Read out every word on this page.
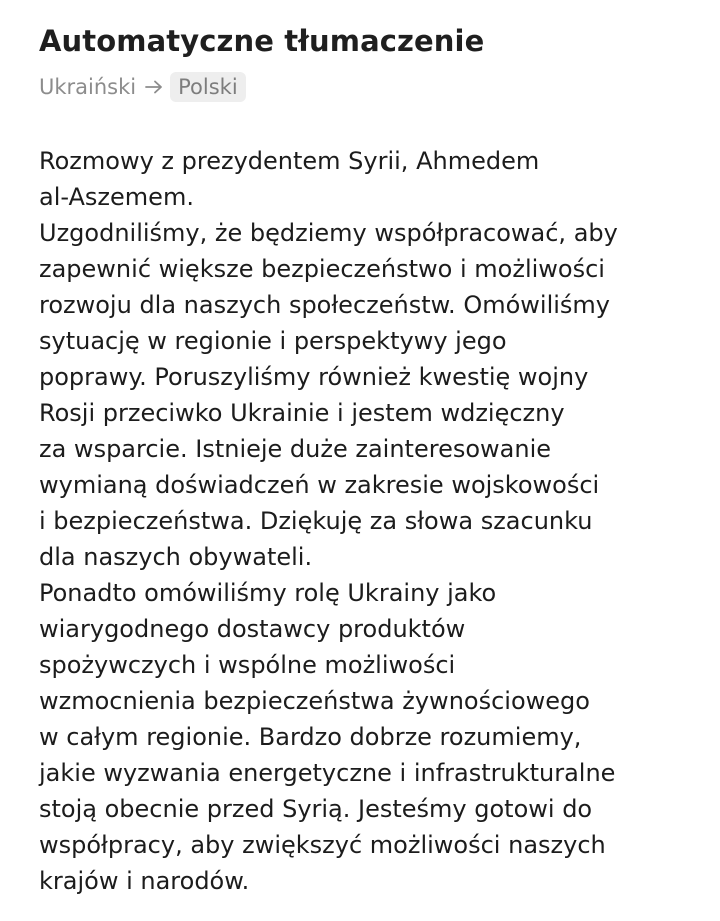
Automatyczne tłumaczenie
Ukraiński	Polski
Rozmowy z prezydentem Syrii, Ahmedem
al-Aszemem.
Uzgodniliśmy, że będziemy współpracować, aby
zapewnić większe bezpieczeństwo i możliwości
rozwoju dla naszych społeczeństw. Omówiliśmy
sytuację w regionie i perspektywy jego
poprawy. Poruszyliśmy również kwestię wojny
Rosji przeciwko Ukrainie i jestem wdzięczny
za wsparcie. Istnieje duże zainteresowanie
wymianą doświadczeń w zakresie wojskowości
i bezpieczeństwa. Dziękuję za słowa szacunku
dla naszych obywateli.
Ponadto omówiliśmy rolę Ukrainy jako
wiarygodnego dostawcy produktów
spożywczych i wspólne możliwości
wzmocnienia bezpieczeństwa żywnościowego
w całym regionie. Bardzo dobrze rozumiemy,
jakie wyzwania energetyczne i infrastrukturalne
stoją obecnie przed Syrią. Jesteśmy gotowi do
współpracy, aby zwiększyć możliwości naszych
krajów i narodów.
